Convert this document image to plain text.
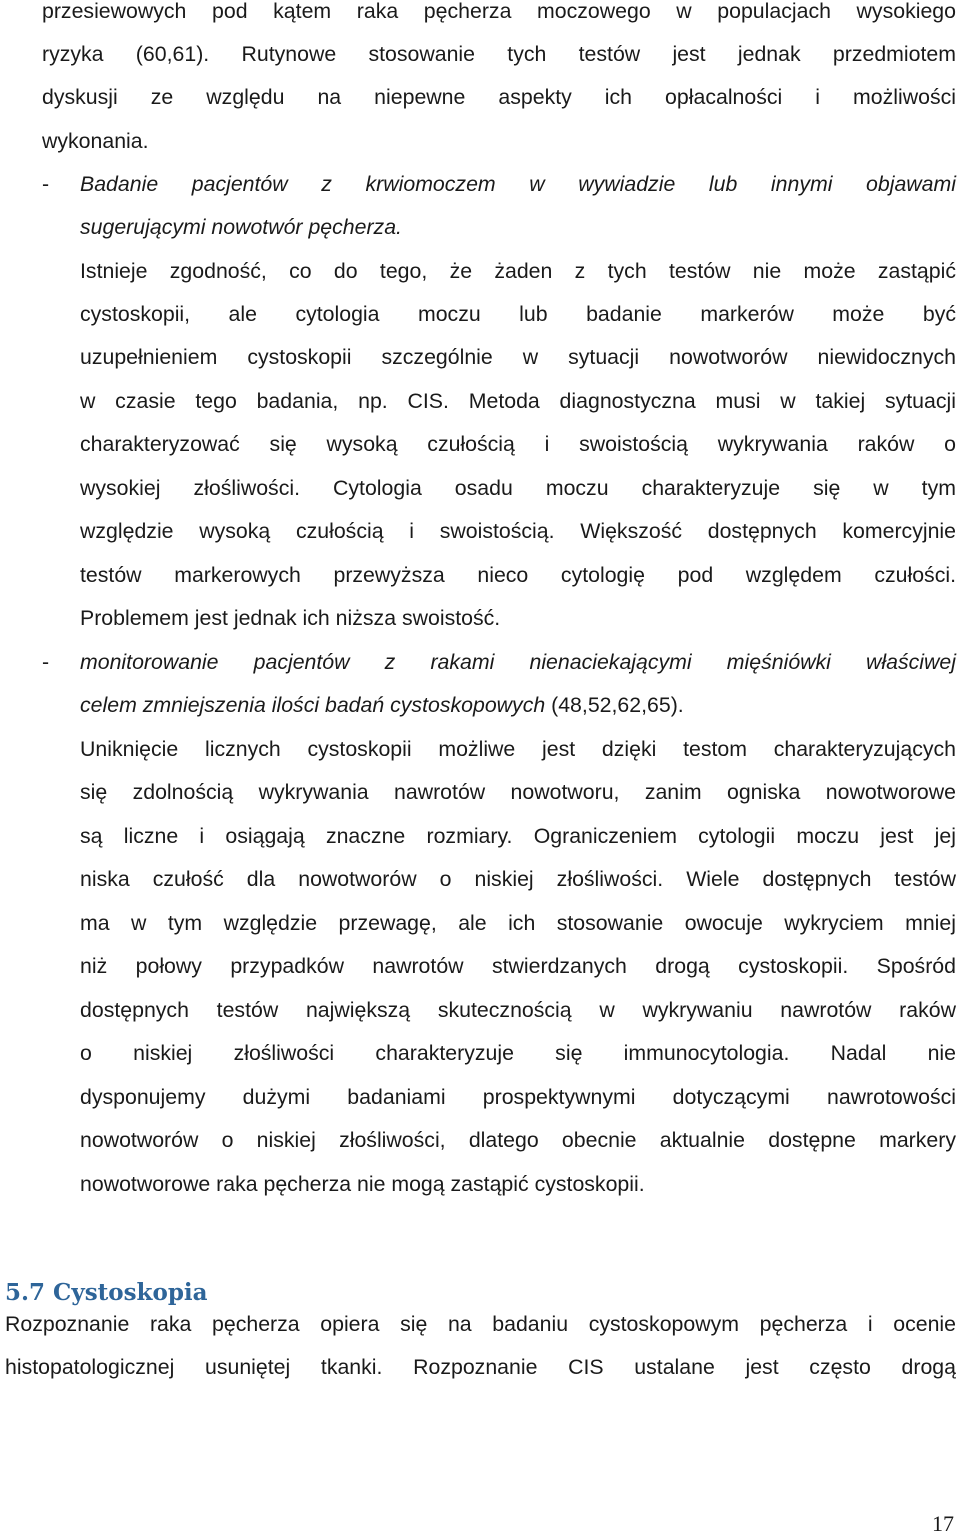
przesiewowych pod kątem raka pęcherza moczowego w populacjach wysokiego

ryzyka (60,61). Rutynowe stosowanie tych testów jest jednak przedmiotem

dyskusji ze względu na niepewne aspekty ich opłacalności i możliwości

wykonania.

- Badanie pacjentów z krwiomoczem w wywiadzie lub innymi objawami

sugerującymi nowotwór pęcherza.

Istnieje zgodność, co do tego, że żaden z tych testów nie może zastąpić

cystoskopii, ale cytologia moczu lub badanie markerów może być

uzupełnieniem cystoskopii szczególnie w sytuacji nowotworów niewidocznych

w czasie tego badania, np. CIS. Metoda diagnostyczna musi w takiej sytuacji

charakteryzować się wysoką czułością i swoistością wykrywania raków o

wysokiej złośliwości. Cytologia osadu moczu charakteryzuje się w tym

względzie wysoką czułością i swoistością. Większość dostępnych komercyjnie

testów markerowych przewyższa nieco cytologię pod względem czułości.

Problemem jest jednak ich niższa swoistość.

- monitorowanie pacjentów z rakami nienaciekającymi mięśniówki właściwej

celem zmniejszenia ilości badań cystoskopowych (48,52,62,65).

Uniknięcie licznych cystoskopii możliwe jest dzięki testom charakteryzujących

się zdolnością wykrywania nawrotów nowotworu, zanim ogniska nowotworowe

są liczne i osiągają znaczne rozmiary. Ograniczeniem cytologii moczu jest jej

niska czułość dla nowotworów o niskiej złośliwości. Wiele dostępnych testów

ma w tym względzie przewagę, ale ich stosowanie owocuje wykryciem mniej

niż połowy przypadków nawrotów stwierdzanych drogą cystoskopii. Spośród

dostępnych testów największą skutecznością w wykrywaniu nawrotów raków

o niskiej złośliwości charakteryzuje się immunocytologia. Nadal nie

dysponujemy dużymi badaniami prospektywnymi dotyczącymi nawrotowości

nowotworów o niskiej złośliwości, dlatego obecnie aktualnie dostępne markery

nowotworowe raka pęcherza nie mogą zastąpić cystoskopii.

5.7 Cystoskopia

Rozpoznanie raka pęcherza opiera się na badaniu cystoskopowym pęcherza i ocenie

histopatologicznej usuniętej tkanki. Rozpoznanie CIS ustalane jest często drogą

17
